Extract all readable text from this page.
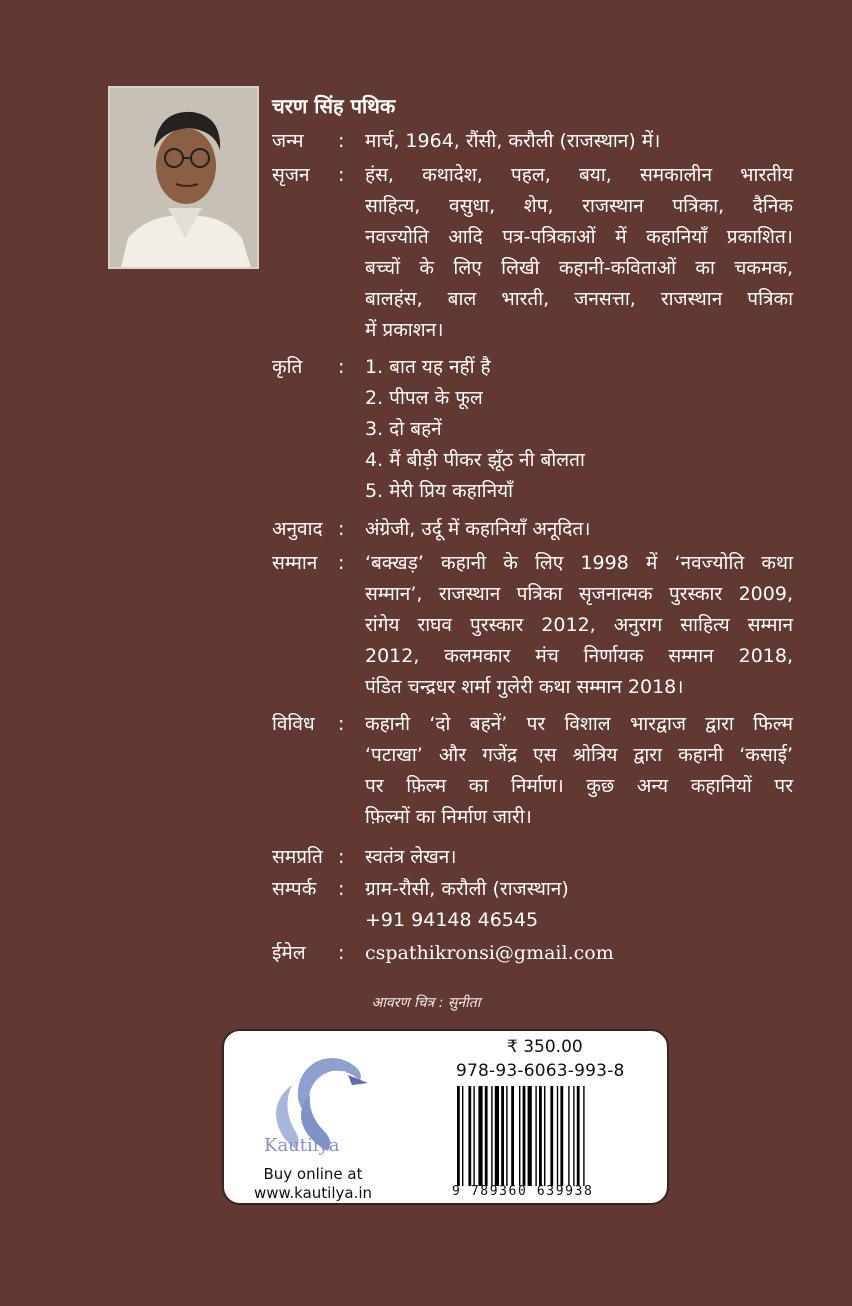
चरण सिंह पथिक
जन्म	: मार्च, 1964, रौंसी, करौली (राजस्थान) में।
सृजन	: हंस, कथादेश, पहल, बया, समकालीन भारतीय
साहित्य, वसुधा, शेप, राजस्थान पत्रिका, दैनिक
नवज्योति आदि पत्र-पत्रिकाओं में कहानियाँ प्रकाशित।
बच्चों के लिए लिखी कहानी-कविताओं का चकमक,
बालहंस, बाल भारती, जनसत्ता, राजस्थान पत्रिका
में प्रकाशन।
कृति	: 1. बात यह नहीं है
2. पीपल के फूल
3. दो बहनें
4. मैं बीड़ी पीकर झूँठ नी बोलता
5. मेरी प्रिय कहानियाँ
अनुवाद : अंग्रेजी, उर्दू में कहानियाँ अनूदित।
सम्मान	: ‘बक्खड़’ कहानी के लिए 1998 में ‘नवज्योति कथा
सम्मान’, राजस्थान पत्रिका सृजनात्मक पुरस्कार 2009,
रांगेय राघव पुरस्कार 2012, अनुराग साहित्य सम्मान
2012, कलमकार मंच निर्णायक सम्मान 2018,
पंडित चन्द्रधर शर्मा गुलेरी कथा सम्मान 2018।
विविध	: कहानी ‘दो बहनें’ पर विशाल भारद्वाज द्वारा फिल्म
‘पटाखा’ और गजेंद्र एस श्रोत्रिय द्वारा कहानी ‘कसाई’
पर फ़िल्म का निर्माण। कुछ अन्य कहानियों पर
फ़िल्मों का निर्माण जारी।
समप्रति : स्वतंत्र लेखन।
सम्पर्क	: ग्राम-रौसी, करौली (राजस्थान)
+91 94148 46545
ईमेल	: cspathikronsi@gmail.com
आवरण चित्र : सुनीता
Kautilya
Buy online at
www.kautilya.in
₹ 350.00
978-93-6063-993-8
9 789360 639938
